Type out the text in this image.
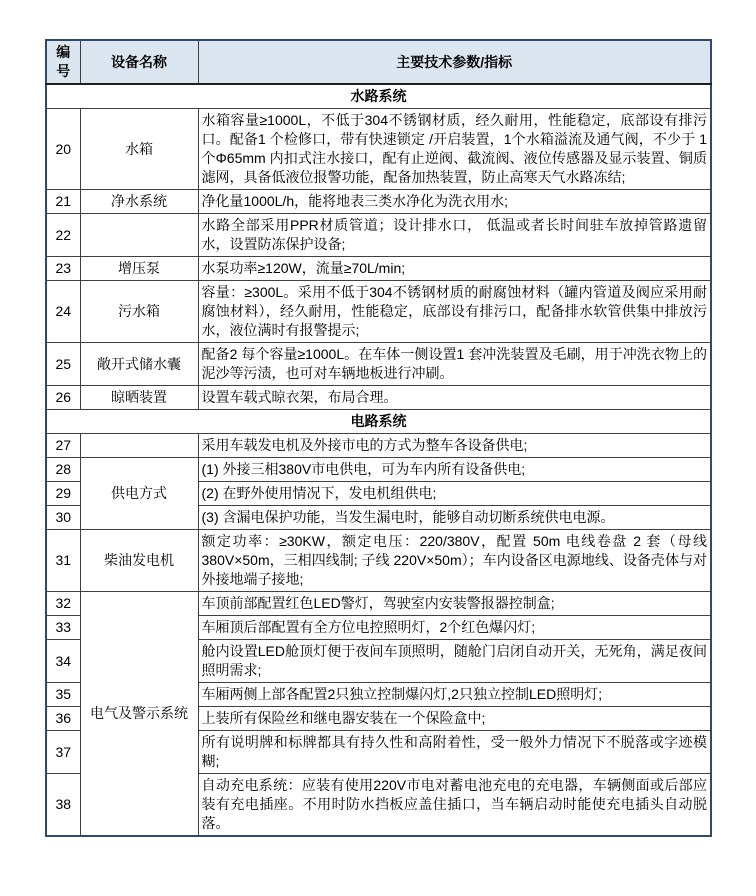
编号	设备名称	主要技术参数/指标
水路系统		
20	水箱	水箱容量≥1000L，不低于304不锈钢材质，经久耐用，性能稳定，底部设有排污口。配备1 个检修口，带有快速锁定 /开启装置，1个水箱溢流及通气阀，不少于 1个Φ65mm 内扣式注水接口，配有止逆阀、截流阀、液位传感器及显示装置、铜质滤网，具备低液位报警功能，配备加热装置，防止高寒天气水路冻结;
21	净水系统	净化量1000L/h，能将地表三类水净化为洗衣用水;
22		水路全部采用PPR材质管道；设计排水口， 低温或者长时间驻车放掉管路遗留水，设置防冻保护设备;
23	增压泵	水泵功率≥120W，流量≥70L/min;
24	污水箱	容量：≥300L。采用不低于304不锈钢材质的耐腐蚀材料（罐内管道及阀应采用耐腐蚀材料），经久耐用，性能稳定，底部设有排污口，配备排水软管供集中排放污水，液位满时有报警提示;
25	敞开式储水囊	配备2 每个容量≥1000L。在车体一侧设置1 套冲洗装置及毛刷，用于冲洗衣物上的泥沙等污渍，也可对车辆地板进行冲刷。
26	晾晒装置	设置车载式晾衣架，布局合理。
电路系统		
27		采用车载发电机及外接市电的方式为整车各设备供电;
28	供电方式	(1) 外接三相380V市电供电，可为车内所有设备供电;
29		(2) 在野外使用情况下，发电机组供电;
30		(3) 含漏电保护功能，当发生漏电时，能够自动切断系统供电电源。
31	柴油发电机	额定功率：≥30KW，额定电压：220/380V，配置 50m 电线卷盘 2 套（母线380V×50m，三相四线制; 子线 220V×50m）；车内设备区电源地线、设备壳体与对外接地端子接地;
32	电气及警示系统	车顶前部配置红色LED警灯，驾驶室内安装警报器控制盒;
33		车厢顶后部配置有全方位电控照明灯，2个红色爆闪灯;
34		舱内设置LED舱顶灯便于夜间车顶照明，随舱门启闭自动开关，无死角，满足夜间照明需求;
35		车厢两侧上部各配置2只独立控制爆闪灯,2只独立控制LED照明灯;
36		上装所有保险丝和继电器安装在一个保险盒中;
37		所有说明牌和标牌都具有持久性和高附着性，受一般外力情况下不脱落或字迹模糊;
38		自动充电系统：应装有使用220V市电对蓄电池充电的充电器，车辆侧面或后部应装有充电插座。不用时防水挡板应盖住插口，当车辆启动时能使充电插头自动脱落。
